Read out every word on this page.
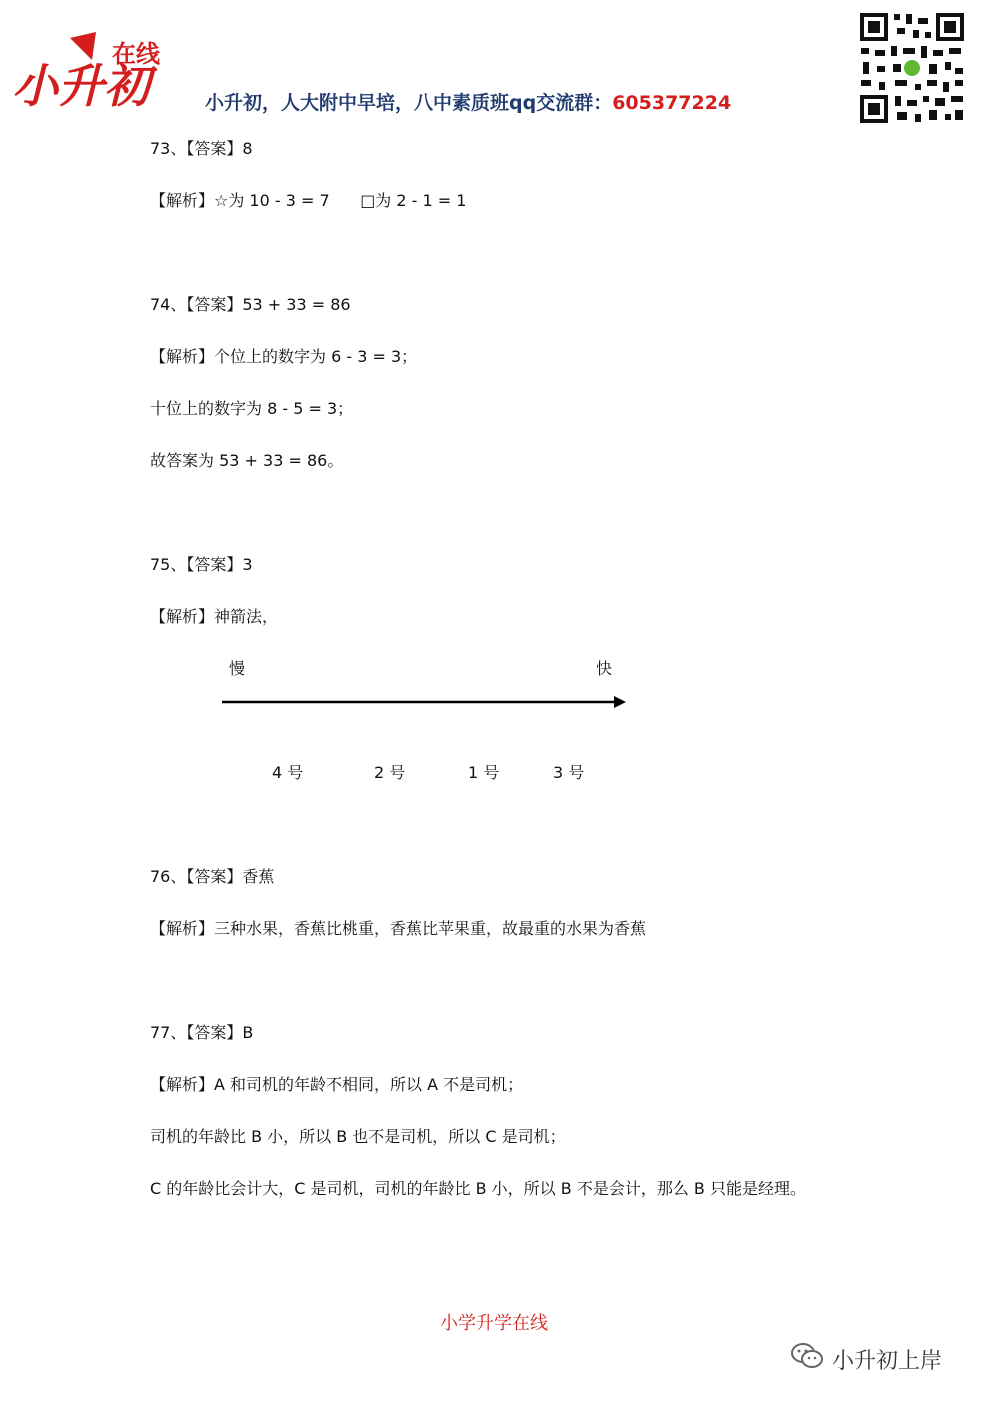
小升初
在线
小升初，人大附中早培，八中素质班qq交流群：605377224
73、【答案】8
【解析】☆为 10 - 3 = 7      □为 2 - 1 = 1
74、【答案】53 + 33 = 86
【解析】个位上的数字为 6 - 3 = 3；
十位上的数字为 8 - 5 = 3；
故答案为 53 + 33 = 86。
75、【答案】3
【解析】神箭法，
慢	快
4 号	2 号	1 号	3 号
76、【答案】香蕉
【解析】三种水果，香蕉比桃重，香蕉比苹果重，故最重的水果为香蕉
77、【答案】B
【解析】A 和司机的年龄不相同，所以 A 不是司机；
司机的年龄比 B 小，所以 B 也不是司机，所以 C 是司机；
C 的年龄比会计大，C 是司机，司机的年龄比 B 小，所以 B 不是会计，那么 B 只能是经理。
小学升学在线
小升初上岸
